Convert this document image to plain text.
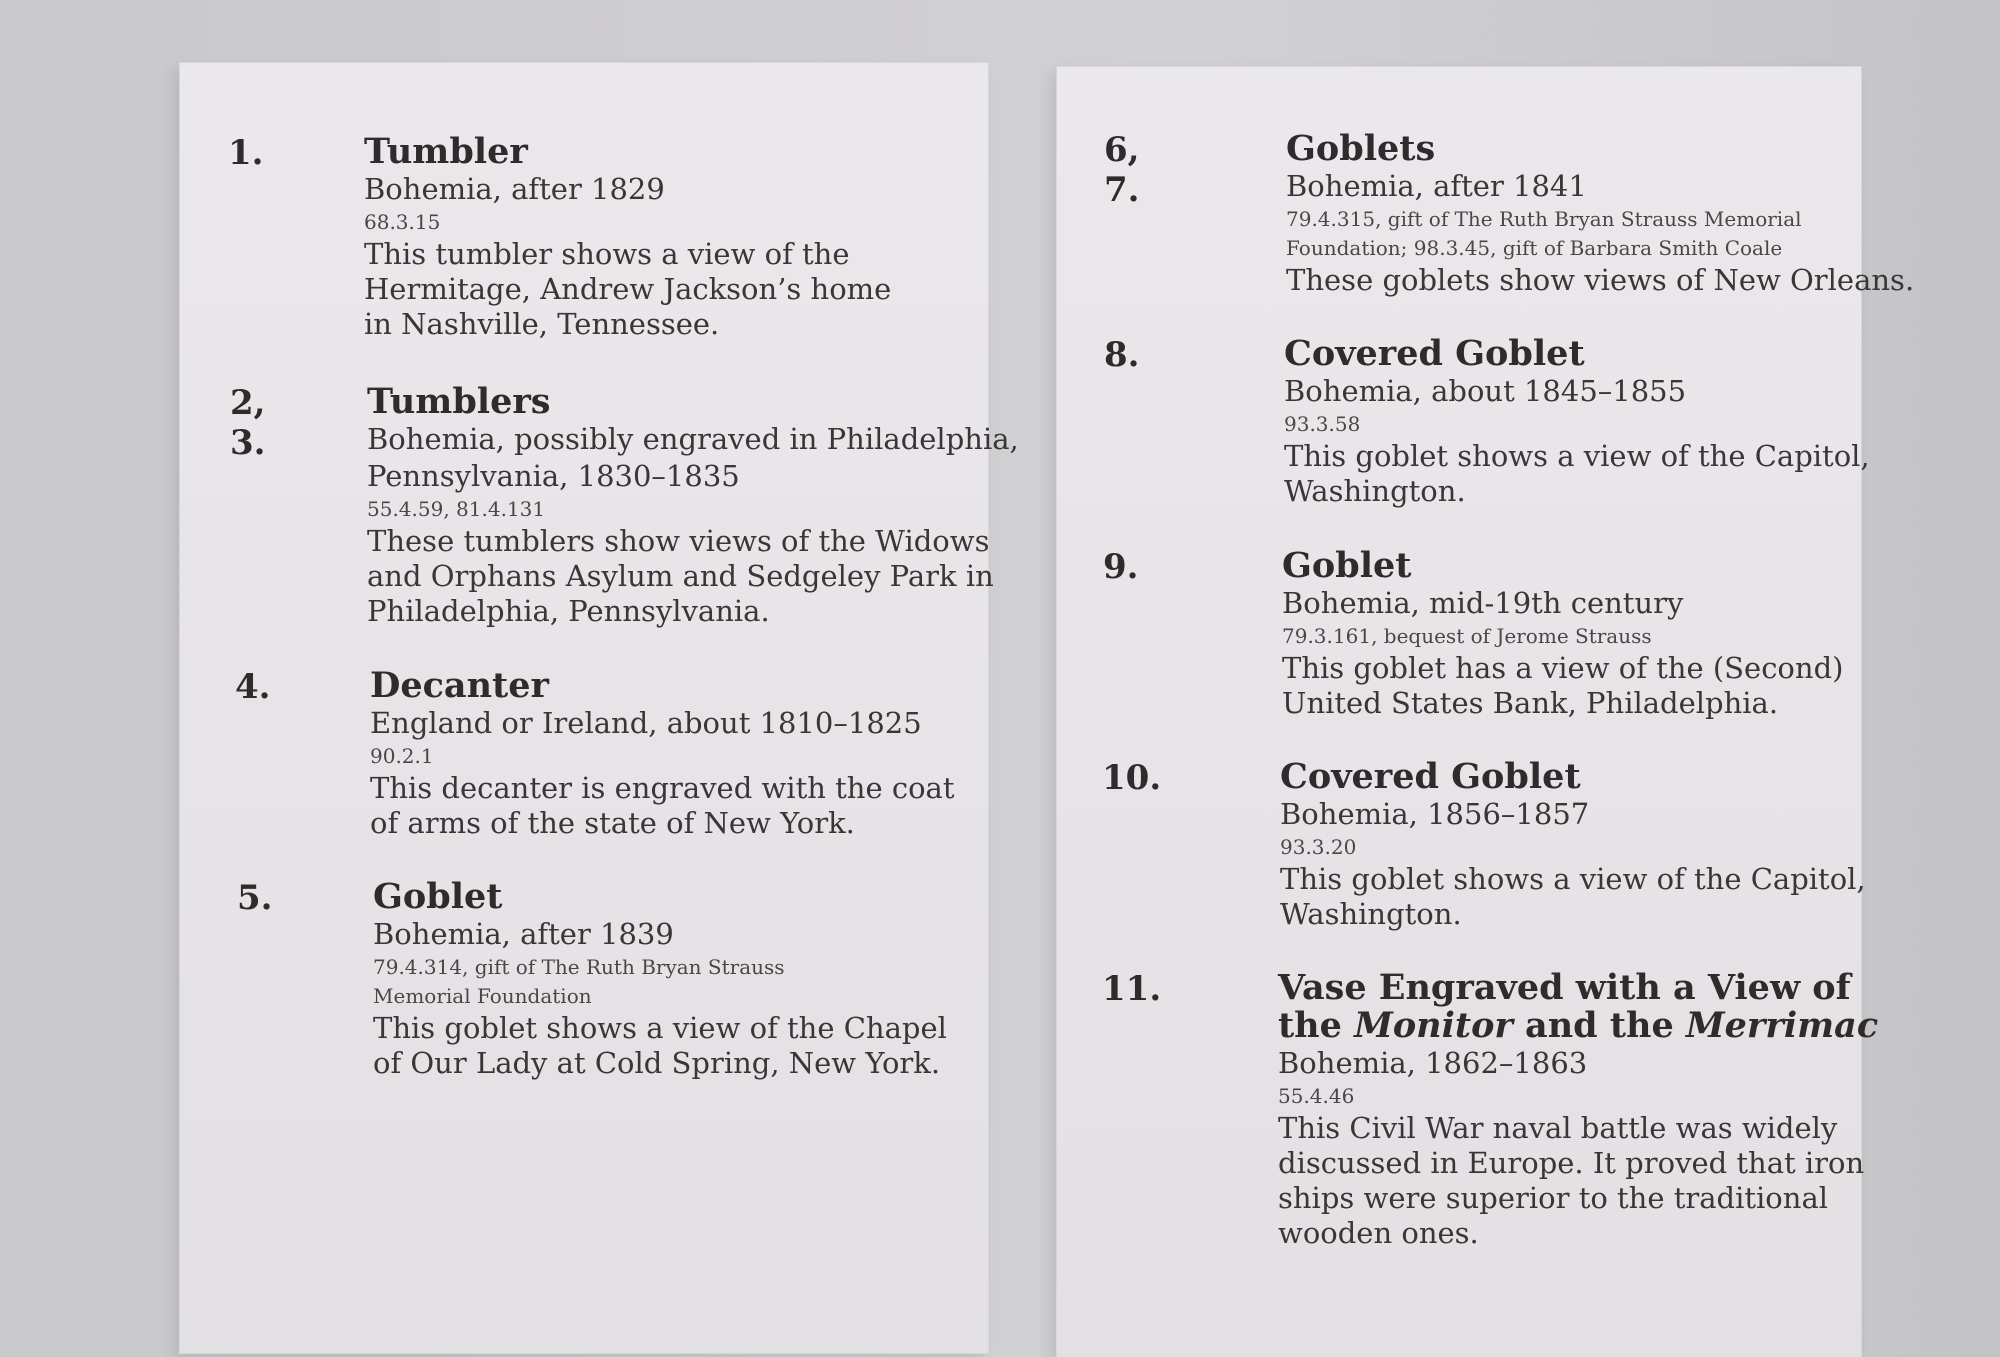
1.	Tumbler
Bohemia, after 1829
68.3.15
This tumbler shows a view of the
Hermitage, Andrew Jackson’s home
in Nashville, Tennessee.
2, 3.
Tumblers
Bohemia, possibly engraved in Philadelphia,
Pennsylvania, 1830–1835
55.4.59, 81.4.131
These tumblers show views of the Widows
and Orphans Asylum and Sedgeley Park in
Philadelphia, Pennsylvania.
4.	Decanter
England or Ireland, about 1810–1825
90.2.1
This decanter is engraved with the coat
of arms of the state of New York.
5.	Goblet
Bohemia, after 1839
79.4.314, gift of The Ruth Bryan Strauss
Memorial Foundation
This goblet shows a view of the Chapel
of Our Lady at Cold Spring, New York.
6, 7.
Goblets
Bohemia, after 1841
79.4.315, gift of The Ruth Bryan Strauss Memorial
Foundation; 98.3.45, gift of Barbara Smith Coale
These goblets show views of New Orleans.
8.	Covered Goblet
Bohemia, about 1845–1855
93.3.58
This goblet shows a view of the Capitol,
Washington.
9.	Goblet
Bohemia, mid-19th century
79.3.161, bequest of Jerome Strauss
This goblet has a view of the (Second)
United States Bank, Philadelphia.
10.	Covered Goblet
Bohemia, 1856–1857
93.3.20
This goblet shows a view of the Capitol,
Washington.
11.	Vase Engraved with a View of
the Monitor and the Merrimac
Bohemia, 1862–1863
55.4.46
This Civil War naval battle was widely
discussed in Europe. It proved that iron
ships were superior to the traditional
wooden ones.
